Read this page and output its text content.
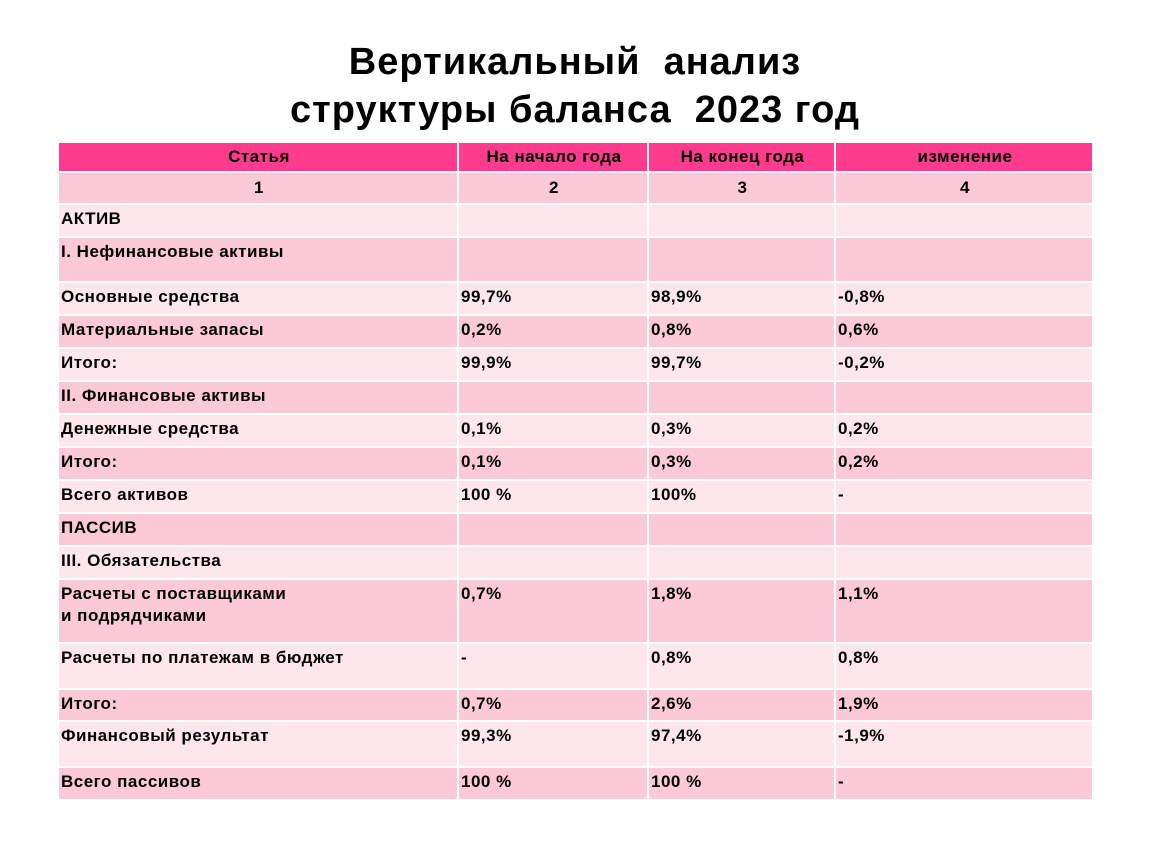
Вертикальный  анализ
структуры баланса  2023 год
Статья	На начало года	На конец года	изменение
1	2	3	4
АКТИВ			
I. Нефинансовые активы			
Основные средства	99,7%	98,9%	-0,8%
Материальные запасы	0,2%	0,8%	0,6%
Итого:	99,9%	99,7%	-0,2%
II. Финансовые активы			
Денежные средства	0,1%	0,3%	0,2%
Итого:	0,1%	0,3%	0,2%
Всего активов	100 %	100%	-
ПАССИВ			
III. Обязательства			
Расчеты с поставщиками
и подрядчиками	0,7%	1,8%	1,1%
Расчеты по платежам в бюджет	-	0,8%	0,8%
Итого:	0,7%	2,6%	1,9%
Финансовый результат	99,3%	97,4%	-1,9%
Всего пассивов	100 %	100 %	-
